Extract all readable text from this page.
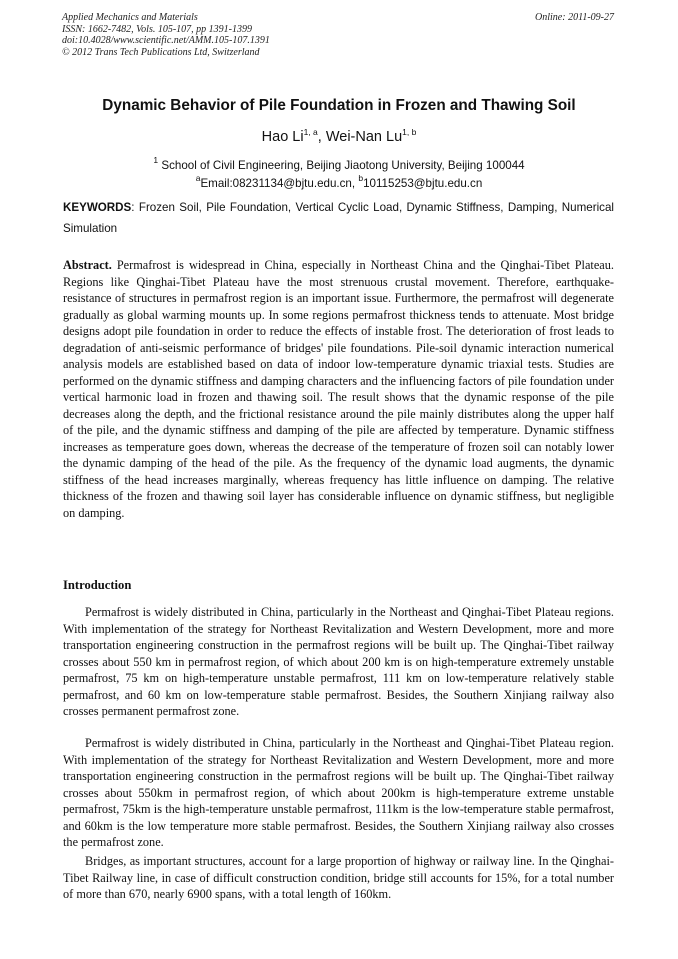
Applied Mechanics and Materials
ISSN: 1662-7482, Vols. 105-107, pp 1391-1399
doi:10.4028/www.scientific.net/AMM.105-107.1391
© 2012 Trans Tech Publications Ltd, Switzerland
Online: 2011-09-27
Dynamic Behavior of Pile Foundation in Frozen and Thawing Soil
Hao Li$^{1, a}$, Wei-Nan Lu$^{1, b}$
$^1$ School of Civil Engineering, Beijing Jiaotong University, Beijing 100044
$^a$Email:08231134@bjtu.edu.cn, $^b$10115253@bjtu.edu.cn
KEYWORDS: Frozen Soil, Pile Foundation, Vertical Cyclic Load, Dynamic Stiffness, Damping, Numerical Simulation

Abstract. Permafrost is widespread in China, especially in Northeast China and the Qinghai-Tibet Plateau. Regions like Qinghai-Tibet Plateau have the most strenuous crustal movement. Therefore, earthquake-resistance of structures in permafrost region is an important issue. Furthermore, the permafrost will degenerate gradually as global warming mounts up. In some regions permafrost thickness tends to attenuate. Most bridge designs adopt pile foundation in order to reduce the effects of instable frost. The deterioration of frost leads to degradation of anti-seismic performance of bridges' pile foundations. Pile-soil dynamic interaction numerical analysis models are established based on data of indoor low-temperature dynamic triaxial tests. Studies are performed on the dynamic stiffness and damping characters and the influencing factors of pile foundation under vertical harmonic load in frozen and thawing soil. The result shows that the dynamic response of the pile decreases along the depth, and the frictional resistance around the pile mainly distributes along the upper half of the pile, and the dynamic stiffness and damping of the pile are affected by temperature. Dynamic stiffness increases as temperature goes down, whereas the decrease of the temperature of frozen soil can notably lower the dynamic damping of the head of the pile. As the frequency of the dynamic load augments, the dynamic stiffness of the head increases marginally, whereas frequency has little influence on damping. The relative thickness of the frozen and thawing soil layer has considerable influence on dynamic stiffness, but negligible on damping.

Introduction

Permafrost is widely distributed in China, particularly in the Northeast and Qinghai-Tibet Plateau regions. With implementation of the strategy for Northeast Revitalization and Western Development, more and more transportation engineering construction in the permafrost regions will be built up. The Qinghai-Tibet railway crosses about 550 km in permafrost region, of which about 200 km is on high-temperature extremely unstable permafrost, 75 km on high-temperature unstable permafrost, 111 km on low-temperature relatively stable permafrost, and 60 km on low-temperature stable permafrost. Besides, the Southern Xinjiang railway also crosses permanent permafrost zone.

Permafrost is widely distributed in China, particularly in the Northeast and Qinghai-Tibet Plateau region. With implementation of the strategy for Northeast Revitalization and Western Development, more and more transportation engineering construction in the permafrost regions will be built up. The Qinghai-Tibet railway crosses about 550km in permafrost region, of which about 200km is high-temperature extreme unstable permafrost, 75km is the high-temperature unstable permafrost, 111km is the low-temperature stable permafrost, and 60km is the low temperature more stable permafrost. Besides, the Southern Xinjiang railway also crosses the permafrost zone.

Bridges, as important structures, account for a large proportion of highway or railway line. In the Qinghai-Tibet Railway line, in case of difficult construction condition, bridge still accounts for 15%, for a total number of more than 670, nearly 6900 spans, with a total length of 160km.
